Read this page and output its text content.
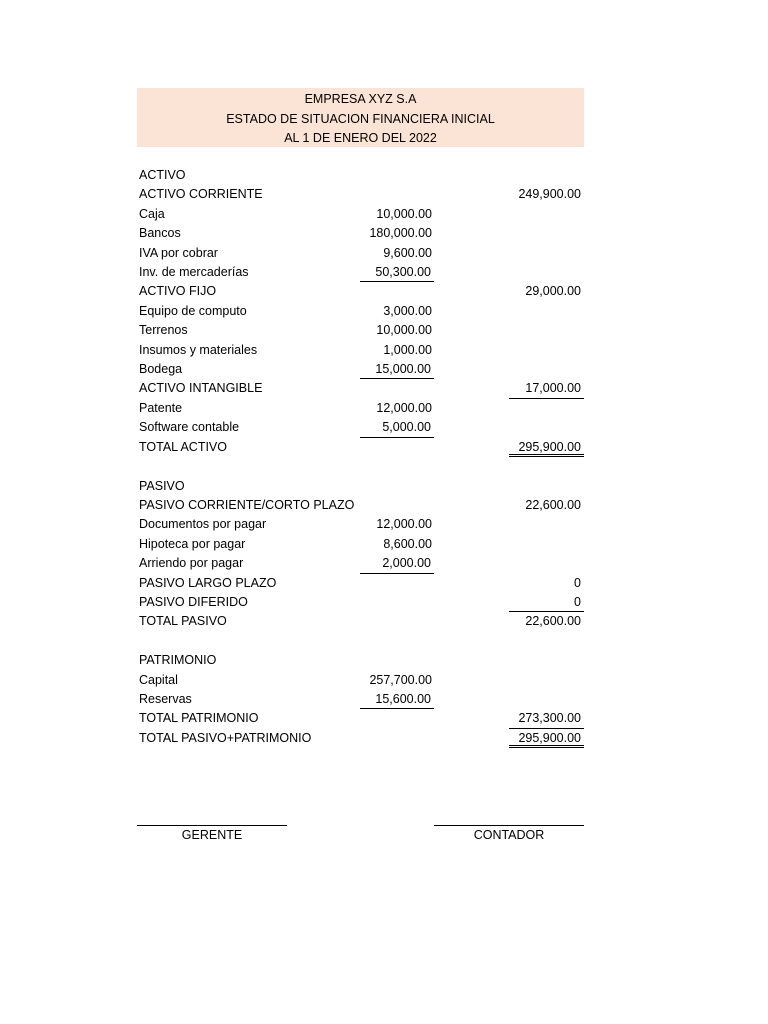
EMPRESA XYZ S.A
ESTADO DE SITUACION FINANCIERA INICIAL
AL 1 DE ENERO DEL 2022
ACTIVO
ACTIVO CORRIENTE	249,900.00
Caja	10,000.00
Bancos	180,000.00
IVA por cobrar	9,600.00
Inv. de mercaderías	50,300.00
ACTIVO FIJO	29,000.00
Equipo de computo	3,000.00
Terrenos	10,000.00
Insumos y materiales	1,000.00
Bodega	15,000.00
ACTIVO INTANGIBLE	17,000.00
Patente	12,000.00
Software contable	5,000.00
TOTAL ACTIVO	295,900.00
PASIVO
PASIVO CORRIENTE/CORTO PLAZO	22,600.00
Documentos por pagar	12,000.00
Hipoteca por pagar	8,600.00
Arriendo por pagar	2,000.00
PASIVO LARGO PLAZO	0
PASIVO DIFERIDO	0
TOTAL PASIVO	22,600.00
PATRIMONIO
Capital	257,700.00
Reservas	15,600.00
TOTAL PATRIMONIO	273,300.00
TOTAL PASIVO+PATRIMONIO	295,900.00
GERENTE	CONTADOR
